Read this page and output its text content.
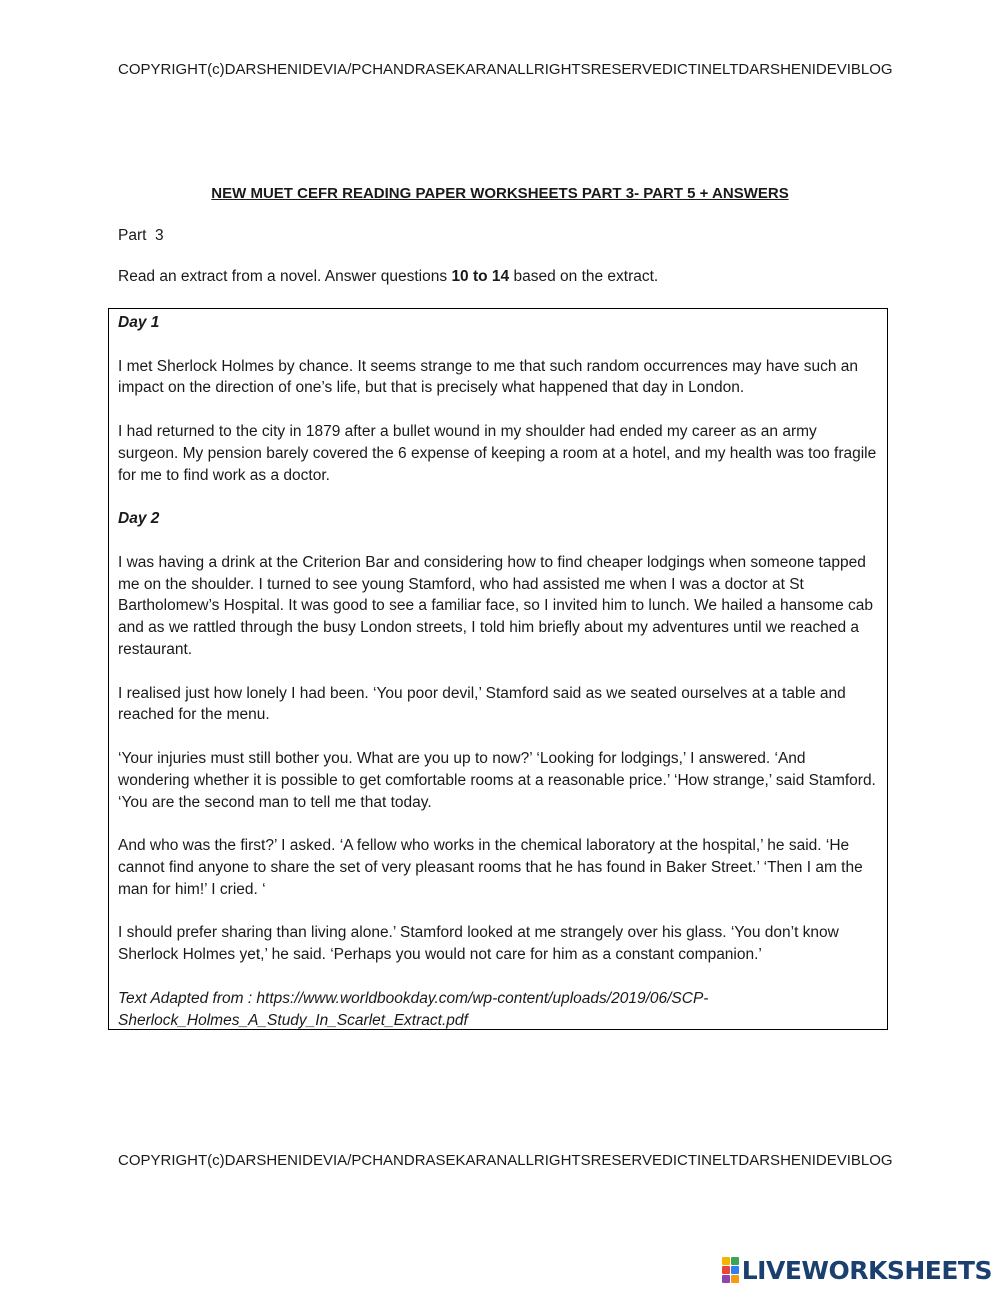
COPYRIGHT(c)DARSHENIDEVIA/PCHANDRASEKARANALLRIGHTSRESERVEDICTINELTDARSHENIDEVIBLOG
NEW MUET CEFR READING PAPER WORKSHEETS PART 3- PART 5 + ANSWERS
Part  3
Read an extract from a novel. Answer questions 10 to 14 based on the extract.

Day 1

I met Sherlock Holmes by chance. It seems strange to me that such random occurrences may have such an impact on the direction of one’s life, but that is precisely what happened that day in London.

I had returned to the city in 1879 after a bullet wound in my shoulder had ended my career as an army surgeon. My pension barely covered the 6 expense of keeping a room at a hotel, and my health was too fragile for me to find work as a doctor.

Day 2

I was having a drink at the Criterion Bar and considering how to find cheaper lodgings when someone tapped me on the shoulder. I turned to see young Stamford, who had assisted me when I was a doctor at St Bartholomew’s Hospital. It was good to see a familiar face, so I invited him to lunch. We hailed a hansome cab and as we rattled through the busy London streets, I told him briefly about my adventures until we reached a restaurant.

I realised just how lonely I had been. ‘You poor devil,’ Stamford said as we seated ourselves at a table and reached for the menu.

‘Your injuries must still bother you. What are you up to now?’ ‘Looking for lodgings,’ I answered. ‘And wondering whether it is possible to get comfortable rooms at a reasonable price.’ ‘How strange,’ said Stamford. ‘You are the second man to tell me that today.

And who was the first?’ I asked. ‘A fellow who works in the chemical laboratory at the hospital,’ he said. ‘He cannot find anyone to share the set of very pleasant rooms that he has found in Baker Street.’ ‘Then I am the man for him!’ I cried. ‘

I should prefer sharing than living alone.’ Stamford looked at me strangely over his glass. ‘You don’t know Sherlock Holmes yet,’ he said. ‘Perhaps you would not care for him as a constant companion.’

Text Adapted from : https://www.worldbookday.com/wp-content/uploads/2019/06/SCP-Sherlock_Holmes_A_Study_In_Scarlet_Extract.pdf

COPYRIGHT(c)DARSHENIDEVIA/PCHANDRASEKARANALLRIGHTSRESERVEDICTINELTDARSHENIDEVIBLOG
LIVEWORKSHEETS
